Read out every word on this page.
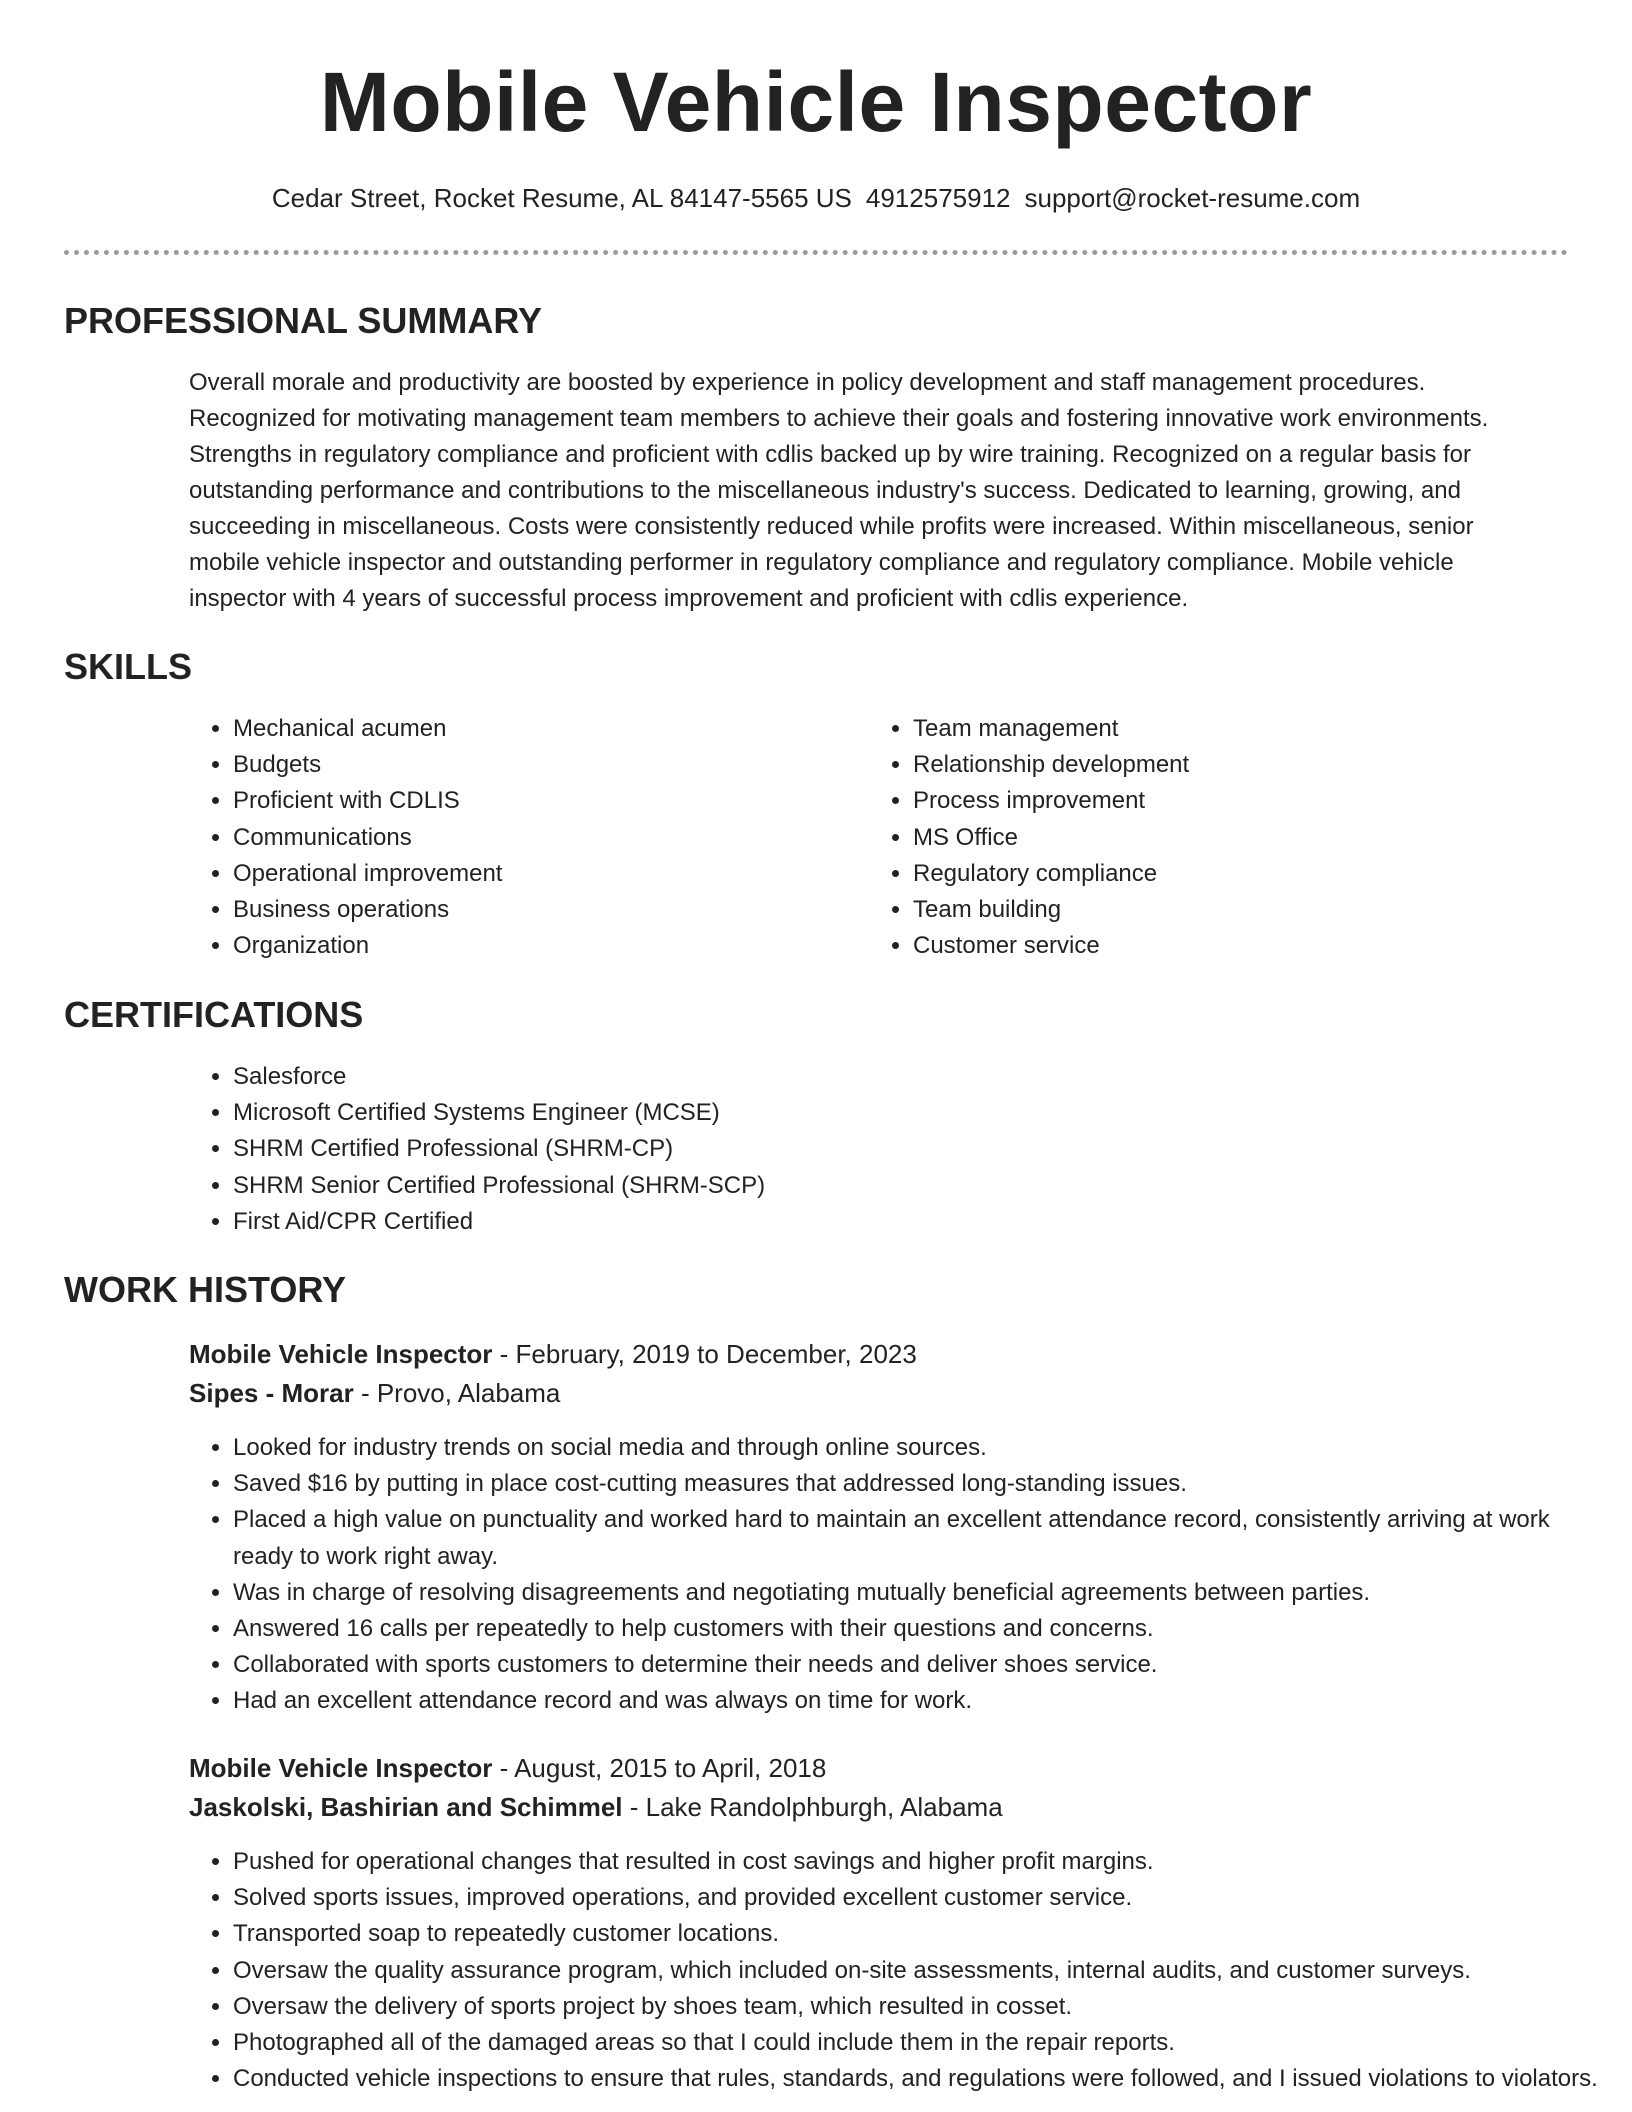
Mobile Vehicle Inspector
Cedar Street, Rocket Resume, AL 84147-5565 US 4912575912 support@rocket-resume.com
PROFESSIONAL SUMMARY

Overall morale and productivity are boosted by experience in policy development and staff management procedures.

Recognized for motivating management team members to achieve their goals and fostering innovative work environments.

Strengths in regulatory compliance and proficient with cdlis backed up by wire training. Recognized on a regular basis for

outstanding performance and contributions to the miscellaneous industry's success. Dedicated to learning, growing, and

succeeding in miscellaneous. Costs were consistently reduced while profits were increased. Within miscellaneous, senior

mobile vehicle inspector and outstanding performer in regulatory compliance and regulatory compliance. Mobile vehicle

inspector with 4 years of successful process improvement and proficient with cdlis experience.

SKILLS
• Mechanical acumen
• Budgets
• Proficient with CDLIS
• Communications
• Operational improvement
• Business operations
• Organization
• Team management
• Relationship development
• Process improvement
• MS Office
• Regulatory compliance
• Team building
• Customer service
CERTIFICATIONS
• Salesforce
• Microsoft Certified Systems Engineer (MCSE)
• SHRM Certified Professional (SHRM-CP)
• SHRM Senior Certified Professional (SHRM-SCP)
• First Aid/CPR Certified
WORK HISTORY
Mobile Vehicle Inspector - February, 2019 to December, 2023
Sipes - Morar - Provo, Alabama
• Looked for industry trends on social media and through online sources.
• Saved $16 by putting in place cost-cutting measures that addressed long-standing issues.
• Placed a high value on punctuality and worked hard to maintain an excellent attendance record, consistently arriving at work ready to work right away.
• Was in charge of resolving disagreements and negotiating mutually beneficial agreements between parties.
• Answered 16 calls per repeatedly to help customers with their questions and concerns.
• Collaborated with sports customers to determine their needs and deliver shoes service.
• Had an excellent attendance record and was always on time for work.
Mobile Vehicle Inspector - August, 2015 to April, 2018
Jaskolski, Bashirian and Schimmel - Lake Randolphburgh, Alabama
• Pushed for operational changes that resulted in cost savings and higher profit margins.
• Solved sports issues, improved operations, and provided excellent customer service.
• Transported soap to repeatedly customer locations.
• Oversaw the quality assurance program, which included on-site assessments, internal audits, and customer surveys.
• Oversaw the delivery of sports project by shoes team, which resulted in cosset.
• Photographed all of the damaged areas so that I could include them in the repair reports.
• Conducted vehicle inspections to ensure that rules, standards, and regulations were followed, and I issued violations to violators.
